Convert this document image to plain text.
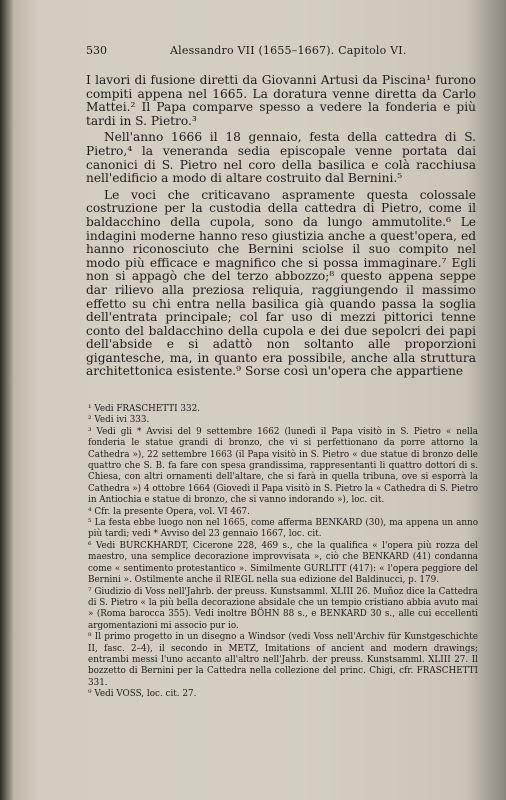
530	Alessandro VII (1655–1667). Capitolo VI.

I lavori di fusione diretti da Giovanni Artusi da Piscina¹ furono compiti appena nel 1665. La doratura venne diretta da Carlo Mattei.² Il Papa comparve spesso a vedere la fonderia e più tardi in S. Pietro.³

Nell'anno 1666 il 18 gennaio, festa della cattedra di S. Pietro,⁴ la veneranda sedia episcopale venne portata dai canonici di S. Pietro nel coro della basilica e colà racchiusa nell'edificio a modo di altare costruito dal Bernini.⁵

Le voci che criticavano aspramente questa colossale costruzione per la custodia della cattedra di Pietro, come il baldacchino della cupola, sono da lungo ammutolite.⁶ Le indagini moderne hanno reso giustizia anche a quest'opera, ed hanno riconosciuto che Bernini sciolse il suo compito nel modo più efficace e magnifico che si possa immaginare.⁷ Egli non si appagò che del terzo abbozzo;⁸ questo appena seppe dar rilievo alla preziosa reliquia, raggiungendo il massimo effetto su chi entra nella basilica già quando passa la soglia dell'entrata principale; col far uso di mezzi pittorici tenne conto del baldacchino della cupola e dei due sepolcri dei papi dell'abside e si adattò non soltanto alle proporzioni gigantesche, ma, in quanto era possibile, anche alla struttura architettonica esistente.⁹ Sorse così un'opera che appartiene

¹ Vedi FRASCHETTI 332.

² Vedi ivi 333.

³ Vedi gli * Avvisi del 9 settembre 1662 (lunedì il Papa visitò in S. Pietro « nella fonderia le statue grandi di bronzo, che vi si perfettionano da porre attorno la Cathedra »), 22 settembre 1663 (il Papa visitò in S. Pietro « due statue di bronzo delle quattro che S. B. fa fare con spesa grandissima, rappresentanti li quattro dottori di s. Chiesa, con altri ornamenti dell'altare, che si farà in quella tribuna, ove si esporrà la Cathedra ») 4 ottobre 1664 (Giovedì il Papa visitò in S. Pietro la « Cathedra di S. Pietro in Antiochia e statue di bronzo, che si vanno indorando »), loc. cit.

⁴ Cfr. la presente Opera, vol. VI 467.

⁵ La festa ebbe luogo non nel 1665, come afferma BENKARD (30), ma appena un anno più tardi; vedi * Avviso del 23 gennaio 1667, loc. cit.

⁶ Vedi BURCKHARDT, Cicerone 228, 469 s., che la qualifica « l'opera più rozza del maestro, una semplice decorazione improvvisata », ciò che BENKARD (41) condanna come « sentimento protestantico ». Similmente GURLITT (417): « l'opera peggiore del Bernini ». Ostilmente anche il RIEGL nella sua edizione del Baldinucci, p. 179.

⁷ Giudizio di Voss nell'Jahrb. der preuss. Kunstsamml. XLIII 26. Muñoz dice la Cattedra di S. Pietro « la più bella decorazione absidale che un tempio cristiano abbia avuto mai » (Roma barocca 355). Vedi inoltre BÖHN 88 s., e BENKARD 30 s., alle cui eccellenti argomentazioni mi associo pur io.

⁸ Il primo progetto in un disegno a Windsor (vedi Voss nell'Archiv für Kunstgeschichte II, fasc. 2–4), il secondo in METZ, Imitations of ancient and modern drawings; entrambi messi l'uno accanto all'altro nell'Jahrb. der preuss. Kunstsamml. XLIII 27. Il bozzetto di Bernini per la Cattedra nella collezione del princ. Chigi, cfr. FRASCHETTI 331.

⁹ Vedi VOSS, loc. cit. 27.
